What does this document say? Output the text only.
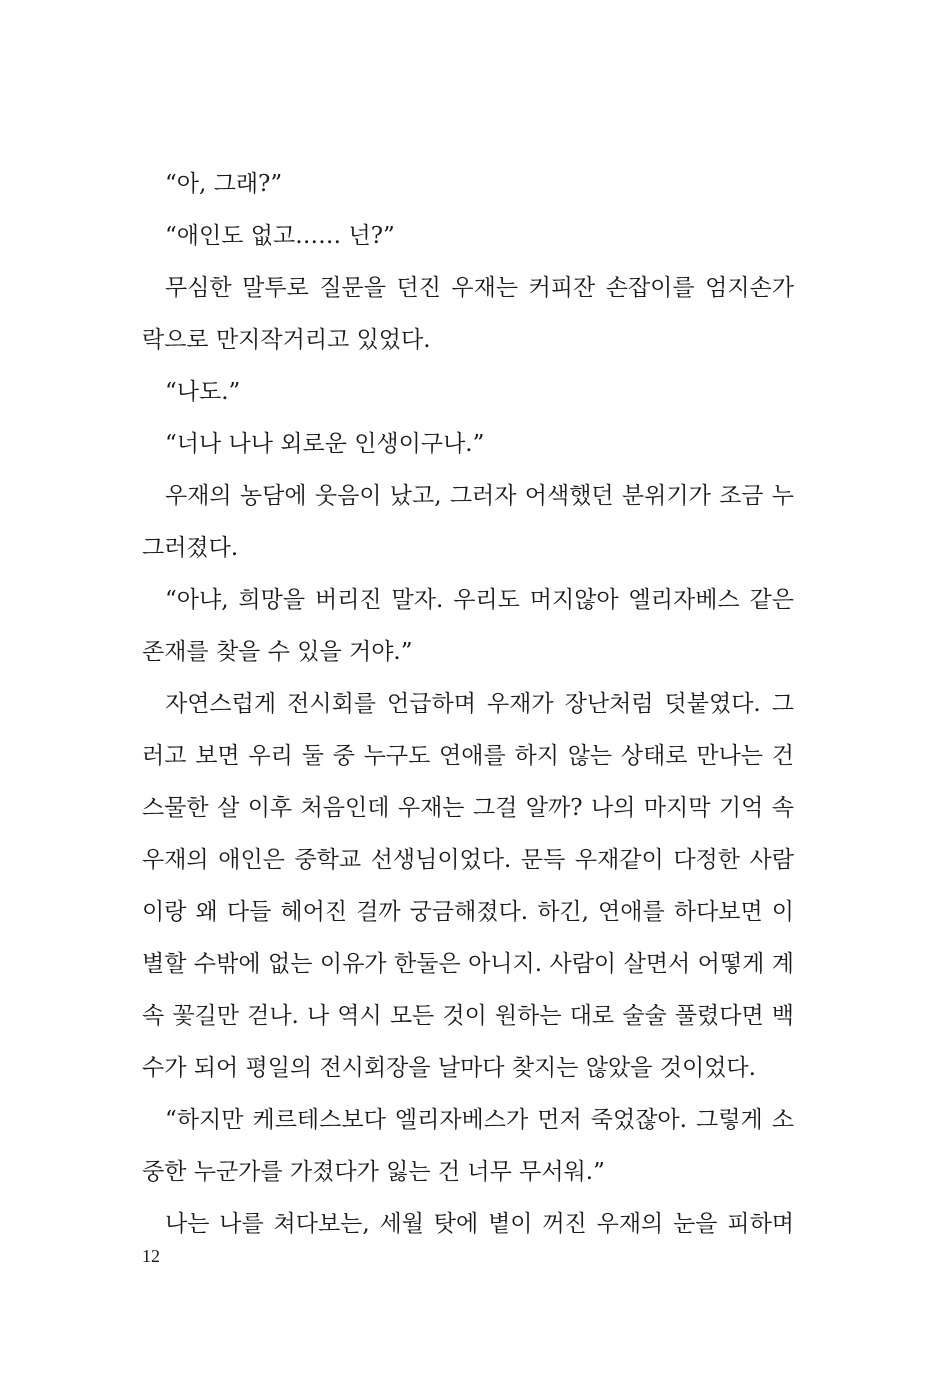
“아, 그래?”
“애인도 없고…… 넌?”
무심한 말투로 질문을 던진 우재는 커피잔 손잡이를 엄지손가
락으로 만지작거리고 있었다.
“나도.”
“너나 나나 외로운 인생이구나.”
우재의 농담에 웃음이 났고, 그러자 어색했던 분위기가 조금 누
그러졌다.
“아냐, 희망을 버리진 말자. 우리도 머지않아 엘리자베스 같은
존재를 찾을 수 있을 거야.”
자연스럽게 전시회를 언급하며 우재가 장난처럼 덧붙였다. 그
러고 보면 우리 둘 중 누구도 연애를 하지 않는 상태로 만나는 건
스물한 살 이후 처음인데 우재는 그걸 알까? 나의 마지막 기억 속
우재의 애인은 중학교 선생님이었다. 문득 우재같이 다정한 사람
이랑 왜 다들 헤어진 걸까 궁금해졌다. 하긴, 연애를 하다보면 이
별할 수밖에 없는 이유가 한둘은 아니지. 사람이 살면서 어떻게 계
속 꽃길만 걷나. 나 역시 모든 것이 원하는 대로 술술 풀렸다면 백
수가 되어 평일의 전시회장을 날마다 찾지는 않았을 것이었다.
“하지만 케르테스보다 엘리자베스가 먼저 죽었잖아. 그렇게 소
중한 누군가를 가졌다가 잃는 건 너무 무서워.”
나는 나를 쳐다보는, 세월 탓에 볕이 꺼진 우재의 눈을 피하며
12
